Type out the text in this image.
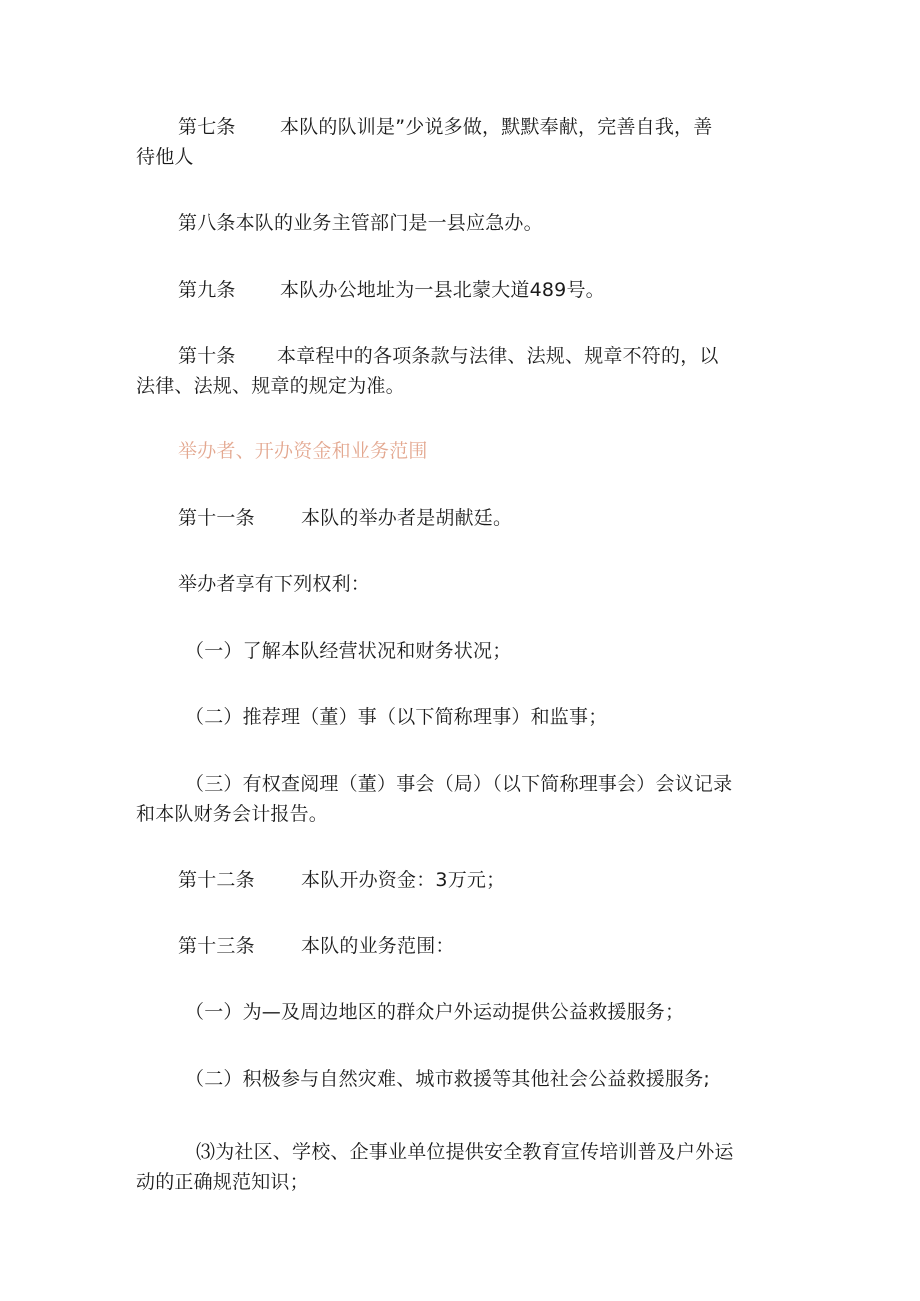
第七条 本队的队训是”少说多做，默默奉献，完善自我，善
待他人
第八条本队的业务主管部门是一县应急办。
第九条 本队办公地址为一县北蒙大道489号。
第十条 本章程中的各项条款与法律、法规、规章不符的，以
法律、法规、规章的规定为准。
举办者、开办资金和业务范围
第十一条 本队的举办者是胡献廷。
举办者享有下列权利：
（一）了解本队经营状况和财务状况；
（二）推荐理（董）事（以下简称理事）和监事；
（三）有权查阅理（董）事会（局）（以下简称理事会）会议记录
和本队财务会计报告。
第十二条 本队开办资金：3万元；
第十三条 本队的业务范围：
（一）为—及周边地区的群众户外运动提供公益救援服务；
（二）积极参与自然灾难、城市救援等其他社会公益救援服务;
⑶为社区、学校、企事业单位提供安全教育宣传培训普及户外运
动的正确规范知识；
